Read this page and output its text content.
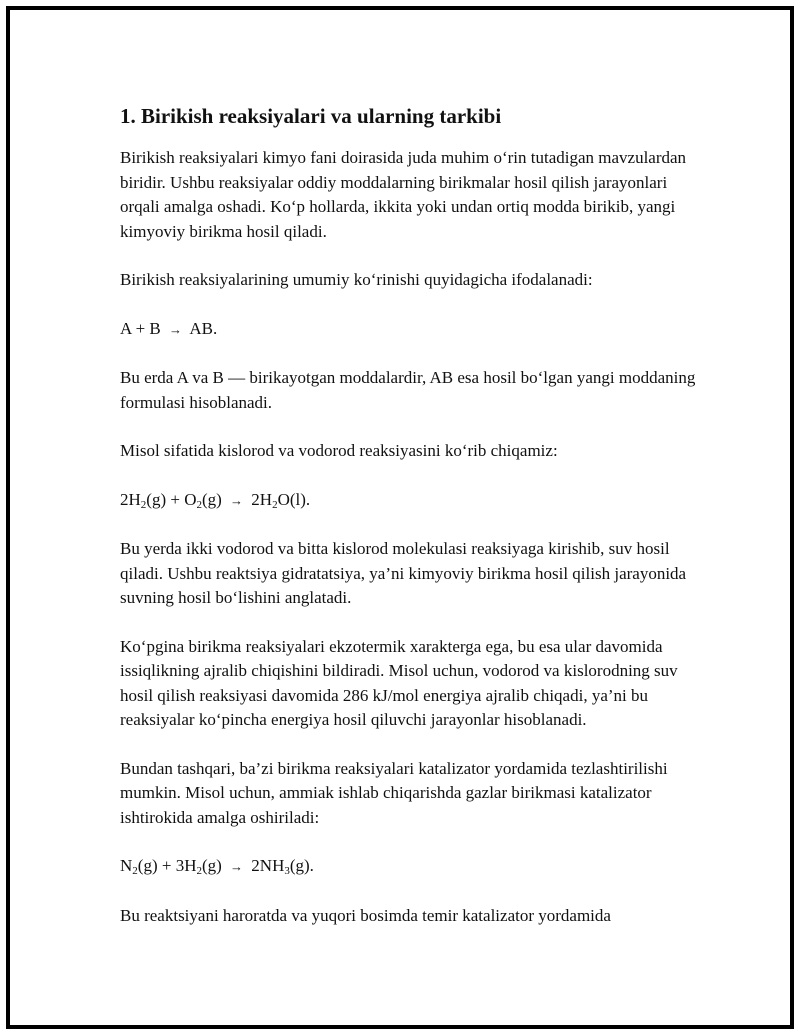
1. Birikish reaksiyalari va ularning tarkibi

Birikish reaksiyalari kimyo fani doirasida juda muhim o‘rin tutadigan mavzulardan biridir. Ushbu reaksiyalar oddiy moddalarning birikmalar hosil qilish jarayonlari orqali amalga oshadi. Ko‘p hollarda, ikkita yoki undan ortiq modda birikib, yangi kimyoviy birikma hosil qiladi.

Birikish reaksiyalarining umumiy ko‘rinishi quyidagicha ifodalanadi:

A + B → AB.

Bu erda A va B — birikayotgan moddalardir, AB esa hosil bo‘lgan yangi moddaning formulasi hisoblanadi.

Misol sifatida kislorod va vodorod reaksiyasini ko‘rib chiqamiz:

$2H_2(g) + O_2(g) \to 2H_2O(l)$.

Bu yerda ikki vodorod va bitta kislorod molekulasi reaksiyaga kirishib, suv hosil qiladi. Ushbu reaktsiya gidratatsiya, ya’ni kimyoviy birikma hosil qilish jarayonida suvning hosil bo‘lishini anglatadi.

Ko‘pgina birikma reaksiyalari ekzotermik xarakterga ega, bu esa ular davomida issiqlikning ajralib chiqishini bildiradi. Misol uchun, vodorod va kislorodning suv hosil qilish reaksiyasi davomida 286 kJ/mol energiya ajralib chiqadi, ya’ni bu reaksiyalar ko‘pincha energiya hosil qiluvchi jarayonlar hisoblanadi.

Bundan tashqari, ba’zi birikma reaksiyalari katalizator yordamida tezlashtirilishi mumkin. Misol uchun, ammiak ishlab chiqarishda gazlar birikmasi katalizator ishtirokida amalga oshiriladi:

$N_2(g) + 3H_2(g) \to 2NH_3(g)$.

Bu reaktsiyani haroratda va yuqori bosimda temir katalizator yordamida
